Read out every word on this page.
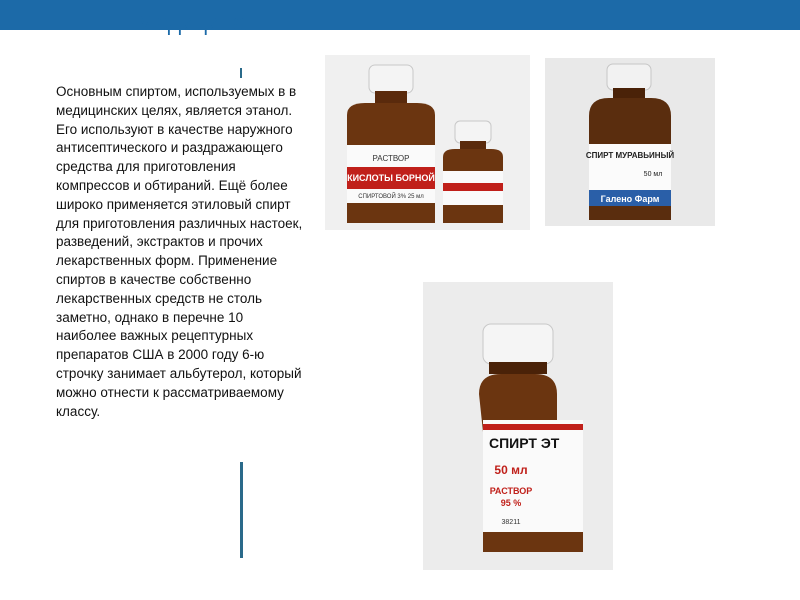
Медицина

Основным спиртом, используемых в в медицинских целях, является этанол. Его используют в качестве наружного антисептического и раздражающего средства для приготовления компрессов и обтираний. Ещё более широко применяется этиловый спирт для приготовления различных настоек, разведений, экстрактов и прочих лекарственных форм. Применение спиртов в качестве собственно лекарственных средств не столь заметно, однако в перечне 10 наиболее важных рецептурных препаратов США в 2000 году 6-ю строчку занимает альбутерол, который можно отнести к рассматриваемому классу.

РАСТВОР
КИСЛОТЫ БОРНОЙ
СПИРТОВОЙ 3% 25 мл
СПИРТ МУРАВЬИНЫЙ
50 мл
Галено Фарм
СПИРТ ЭТ
50 мл
РАСТВОР
95 %
38211
